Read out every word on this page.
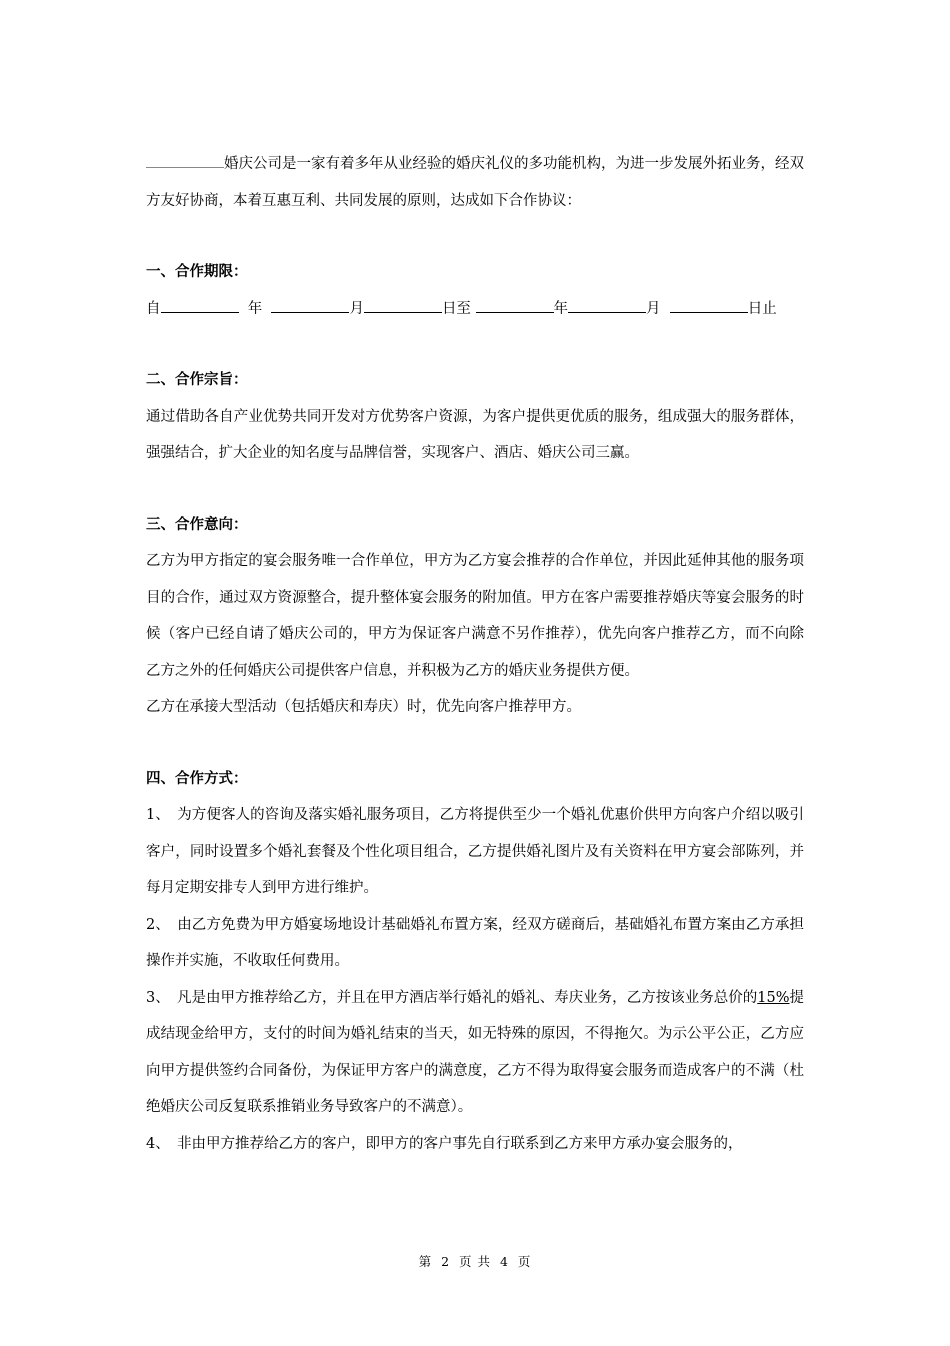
婚庆公司是一家有着多年从业经验的婚庆礼仪的多功能机构，为进一步发展外拓业务，经双方友好协商，本着互惠互利、共同发展的原则，达成如下合作协议：

一、合作期限：

自	年	月	日至	年	月	日止

二、合作宗旨：

通过借助各自产业优势共同开发对方优势客户资源，为客户提供更优质的服务，组成强大的服务群体，强强结合，扩大企业的知名度与品牌信誉，实现客户、酒店、婚庆公司三赢。

三、合作意向：

乙方为甲方指定的宴会服务唯一合作单位，甲方为乙方宴会推荐的合作单位，并因此延伸其他的服务项目的合作，通过双方资源整合，提升整体宴会服务的附加值。甲方在客户需要推荐婚庆等宴会服务的时候（客户已经自请了婚庆公司的，甲方为保证客户满意不另作推荐），优先向客户推荐乙方，而不向除乙方之外的任何婚庆公司提供客户信息，并积极为乙方的婚庆业务提供方便。

乙方在承接大型活动（包括婚庆和寿庆）时，优先向客户推荐甲方。

四、合作方式：

1、　为方便客人的咨询及落实婚礼服务项目，乙方将提供至少一个婚礼优惠价供甲方向客户介绍以吸引客户，同时设置多个婚礼套餐及个性化项目组合，乙方提供婚礼图片及有关资料在甲方宴会部陈列，并每月定期安排专人到甲方进行维护。

2、　由乙方免费为甲方婚宴场地设计基础婚礼布置方案，经双方磋商后，基础婚礼布置方案由乙方承担操作并实施，不收取任何费用。

3、　凡是由甲方推荐给乙方，并且在甲方酒店举行婚礼的婚礼、寿庆业务，乙方按该业务总价的15%提成结现金给甲方，支付的时间为婚礼结束的当天，如无特殊的原因，不得拖欠。为示公平公正，乙方应向甲方提供签约合同备份，为保证甲方客户的满意度，乙方不得为取得宴会服务而造成客户的不满（杜绝婚庆公司反复联系推销业务导致客户的不满意）。

4、　非由甲方推荐给乙方的客户，即甲方的客户事先自行联系到乙方来甲方承办宴会服务的，

第 2 页 共 4 页
